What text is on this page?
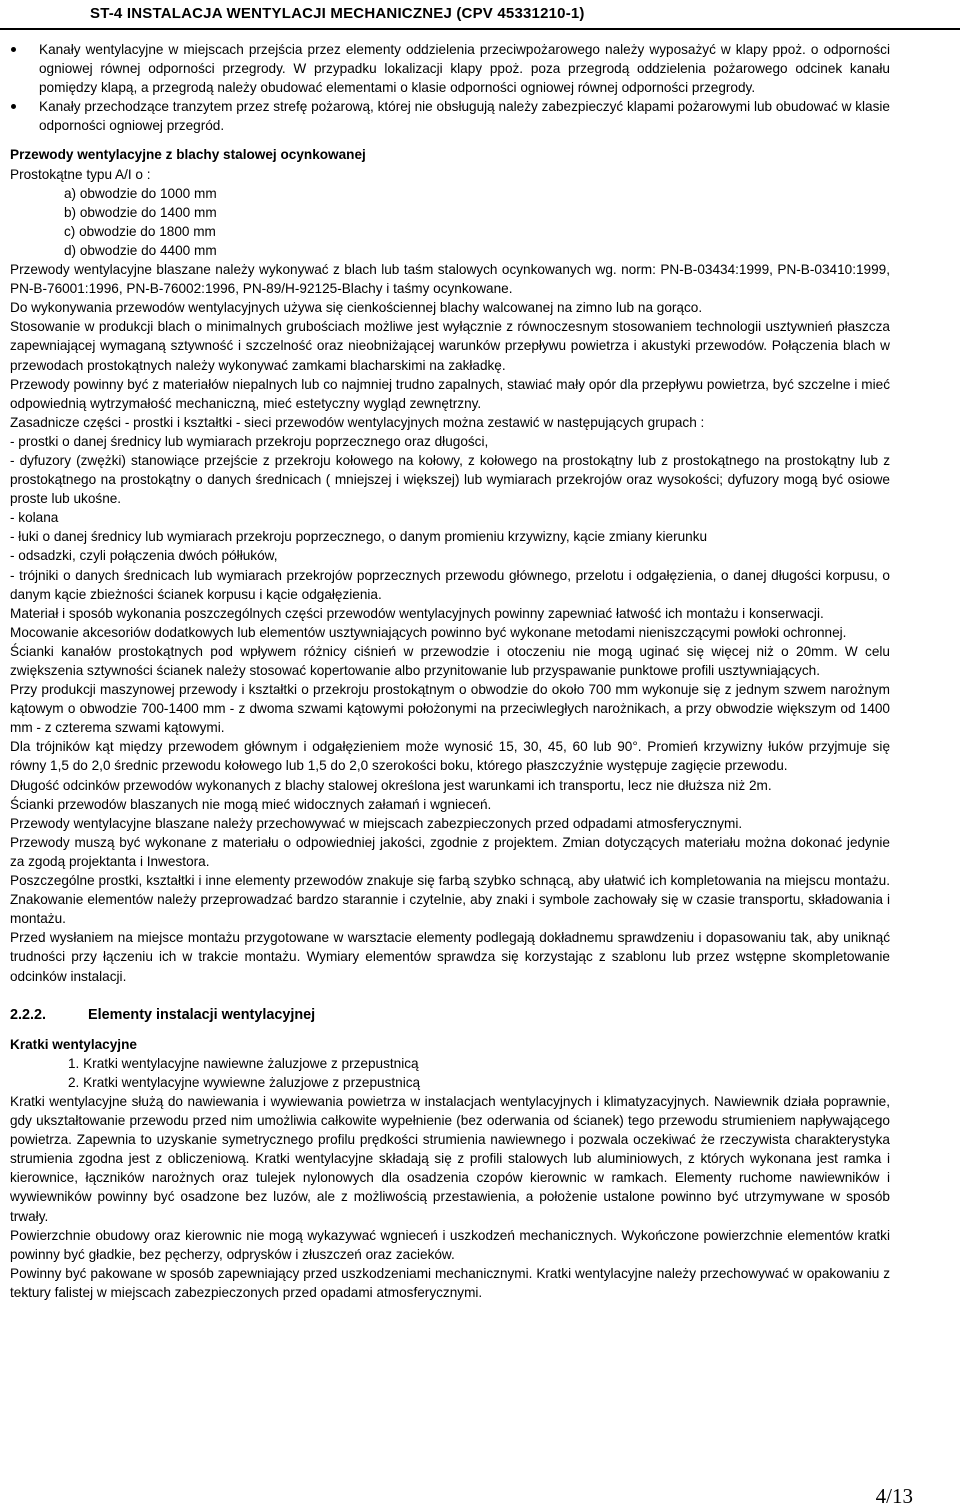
ST-4 INSTALACJA WENTYLACJI MECHANICZNEJ (CPV 45331210-1)
Kanały wentylacyjne w miejscach przejścia przez elementy oddzielenia przeciwpożarowego należy wyposażyć w klapy ppoż. o odporności ogniowej równej odporności przegrody. W przypadku lokalizacji klapy ppoż. poza przegrodą oddzielenia pożarowego odcinek kanału pomiędzy klapą, a przegrodą należy obudować elementami o klasie odporności ogniowej równej odporności przegrody.
Kanały przechodzące tranzytem przez strefę pożarową, której nie obsługują należy zabezpieczyć klapami pożarowymi lub obudować w klasie odporności ogniowej przegród.

Przewody wentylacyjne z blachy stalowej ocynkowanej

Prostokątne typu A/I o :

a) obwodzie do 1000 mm
b) obwodzie do 1400 mm
c) obwodzie do 1800 mm
d) obwodzie do 4400 mm

Przewody wentylacyjne blaszane należy wykonywać z blach lub taśm stalowych ocynkowanych wg. norm: PN-B-03434:1999, PN-B-03410:1999, PN-B-76001:1996, PN-B-76002:1996, PN-89/H-92125-Blachy i taśmy ocynkowane.

Do wykonywania przewodów wentylacyjnych używa się cienkościennej blachy walcowanej na zimno lub na gorąco.

Stosowanie w produkcji blach o minimalnych grubościach możliwe jest wyłącznie z równoczesnym stosowaniem technologii usztywnień płaszcza zapewniającej wymaganą sztywność i szczelność oraz nieobniżającej warunków przepływu powietrza i akustyki przewodów. Połączenia blach w przewodach prostokątnych należy wykonywać zamkami blacharskimi na zakładkę.

Przewody powinny być z materiałów niepalnych lub co najmniej trudno zapalnych, stawiać mały opór dla przepływu powietrza, być szczelne i mieć odpowiednią wytrzymałość mechaniczną, mieć estetyczny wygląd zewnętrzny.

Zasadnicze części - prostki i kształtki - sieci przewodów wentylacyjnych można zestawić w następujących grupach :

- prostki o danej średnicy lub wymiarach przekroju poprzecznego oraz długości,

- dyfuzory (zwężki) stanowiące przejście z przekroju kołowego na kołowy, z kołowego na prostokątny lub z prostokątnego na prostokątny lub z prostokątnego na prostokątny o danych średnicach ( mniejszej i większej) lub wymiarach przekrojów oraz wysokości; dyfuzory mogą być osiowe proste lub ukośne.

- kolana

- łuki o danej średnicy lub wymiarach przekroju poprzecznego, o danym promieniu krzywizny, kącie zmiany kierunku

- odsadzki, czyli połączenia dwóch półłuków,

- trójniki o danych średnicach lub wymiarach przekrojów poprzecznych przewodu głównego, przelotu i odgałęzienia, o danej długości korpusu, o danym kącie zbieżności ścianek korpusu i kącie odgałęzienia.

Materiał i sposób wykonania poszczególnych części przewodów wentylacyjnych powinny zapewniać łatwość ich montażu i konserwacji.

Mocowanie akcesoriów dodatkowych lub elementów usztywniających powinno być wykonane metodami nieniszczącymi powłoki ochronnej.

Ścianki kanałów prostokątnych pod wpływem różnicy ciśnień w przewodzie i otoczeniu nie mogą uginać się więcej niż o 20mm. W celu zwiększenia sztywności ścianek należy stosować kopertowanie albo przynitowanie lub przyspawanie punktowe profili usztywniających.

Przy produkcji maszynowej przewody i kształtki o przekroju prostokątnym o obwodzie do około 700 mm wykonuje się z jednym szwem narożnym kątowym o obwodzie 700-1400 mm - z dwoma szwami kątowymi położonymi na przeciwległych narożnikach, a przy obwodzie większym od 1400 mm - z czterema szwami kątowymi.

Dla trójników kąt między przewodem głównym i odgałęzieniem może wynosić 15, 30, 45, 60 lub 90°. Promień krzywizny łuków przyjmuje się równy 1,5 do 2,0 średnic przewodu kołowego lub 1,5 do 2,0 szerokości boku, którego płaszczyźnie występuje zagięcie przewodu.

Długość odcinków przewodów wykonanych z blachy stalowej określona jest warunkami ich transportu, lecz nie dłuższa niż 2m.

Ścianki przewodów blaszanych nie mogą mieć widocznych załamań i wgnieceń.

Przewody wentylacyjne blaszane należy przechowywać w miejscach zabezpieczonych przed odpadami atmosferycznymi.

Przewody muszą być wykonane z materiału o odpowiedniej jakości, zgodnie z projektem. Zmian dotyczących materiału można dokonać jedynie za zgodą projektanta i Inwestora.

Poszczególne prostki, kształtki i inne elementy przewodów znakuje się farbą szybko schnącą, aby ułatwić ich kompletowania na miejscu montażu. Znakowanie elementów należy przeprowadzać bardzo starannie i czytelnie, aby znaki i symbole zachowały się w czasie transportu, składowania i montażu.

Przed wysłaniem na miejsce montażu przygotowane w warsztacie elementy podlegają dokładnemu sprawdzeniu i dopasowaniu tak, aby uniknąć trudności przy łączeniu ich w trakcie montażu. Wymiary elementów sprawdza się korzystając z szablonu lub przez wstępne skompletowanie odcinków instalacji.

2.2.2.	Elementy instalacji wentylacyjnej

Kratki wentylacyjne

1. Kratki wentylacyjne nawiewne żaluzjowe z przepustnicą
2. Kratki wentylacyjne wywiewne żaluzjowe z przepustnicą

Kratki wentylacyjne służą do nawiewania i wywiewania powietrza w instalacjach wentylacyjnych i klimatyzacyjnych. Nawiewnik działa poprawnie, gdy ukształtowanie przewodu przed nim umożliwia całkowite wypełnienie (bez oderwania od ścianek) tego przewodu strumieniem napływającego powietrza. Zapewnia to uzyskanie symetrycznego profilu prędkości strumienia nawiewnego i pozwala oczekiwać że rzeczywista charakterystyka strumienia zgodna jest z obliczeniową. Kratki wentylacyjne składają się z profili stalowych lub aluminiowych, z których wykonana jest ramka i kierownice, łączników narożnych oraz tulejek nylonowych dla osadzenia czopów kierownic w ramkach. Elementy ruchome nawiewników i wywiewników powinny być osadzone bez luzów, ale z możliwością przestawienia, a położenie ustalone powinno być utrzymywane w sposób trwały.

Powierzchnie obudowy oraz kierownic nie mogą wykazywać wgnieceń i uszkodzeń mechanicznych. Wykończone powierzchnie elementów kratki powinny być gładkie, bez pęcherzy, odprysków i złuszczeń oraz zacieków.

Powinny być pakowane w sposób zapewniający przed uszkodzeniami mechanicznymi. Kratki wentylacyjne należy przechowywać w opakowaniu z tektury falistej w miejscach zabezpieczonych przed opadami atmosferycznymi.

4/13
